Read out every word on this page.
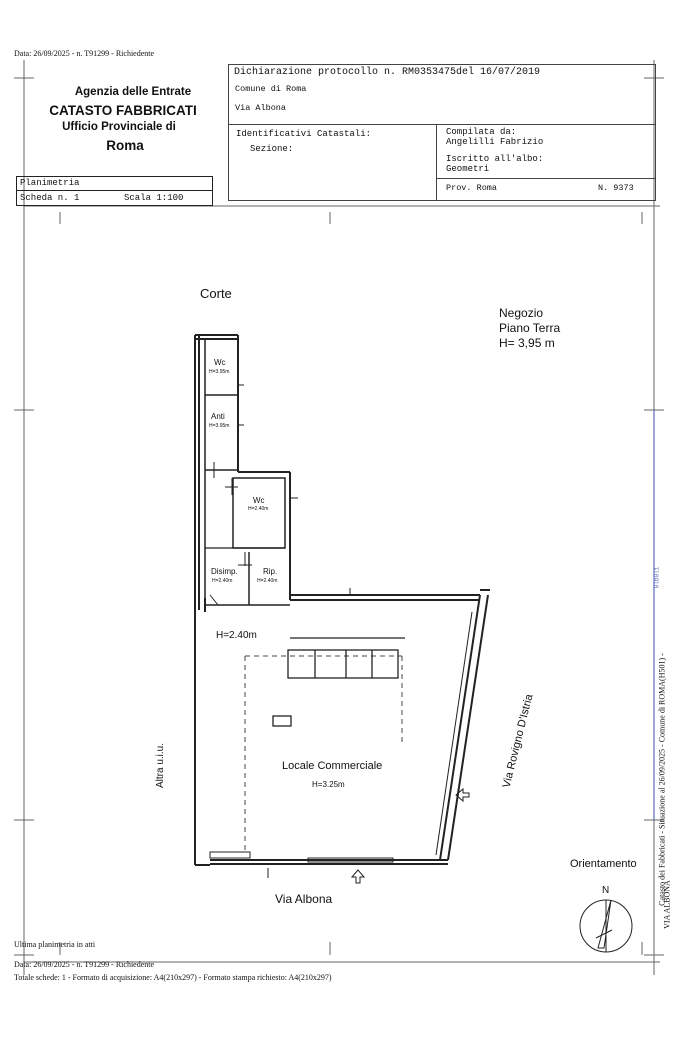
Data: 26/09/2025 - n. T91299 - Richiedente
Agenzia delle Entrate
CATASTO FABBRICATI
Ufficio Provinciale di
Roma
Dichiarazione protocollo n. RM0353475del 16/07/2019
Comune di Roma
Via Albona
Identificativi Catastali:
Sezione:
Compilata da:
Angelilli Fabrizio
Iscritto all'albo:
Geometri
Prov. Roma	N. 9373
Planimetria
Scheda n. 1	Scala 1:100
Corte
Negozio
Piano Terra
H= 3,95 m
Wc
H=3.95m
Anti
H=3.95m
Wc
H=2.40m
Disimp.
H=2.40m
Rip.
H=2.40m
H=2.40m
Locale Commerciale
H=3.25m
Altra u.i.u.	Via Rovigno D'Istria
Via Albona
Orientamento
N
0lb0l1
Catasto dei Fabbricati - Situazione al 26/09/2025 - Comune di ROMA(H501) -
VIA ALBONA
Ultima planimetria in atti
Data: 26/09/2025 - n. T91299 - Richiedente
Totale schede: 1 - Formato di acquisizione: A4(210x297) - Formato stampa richiesto: A4(210x297)
